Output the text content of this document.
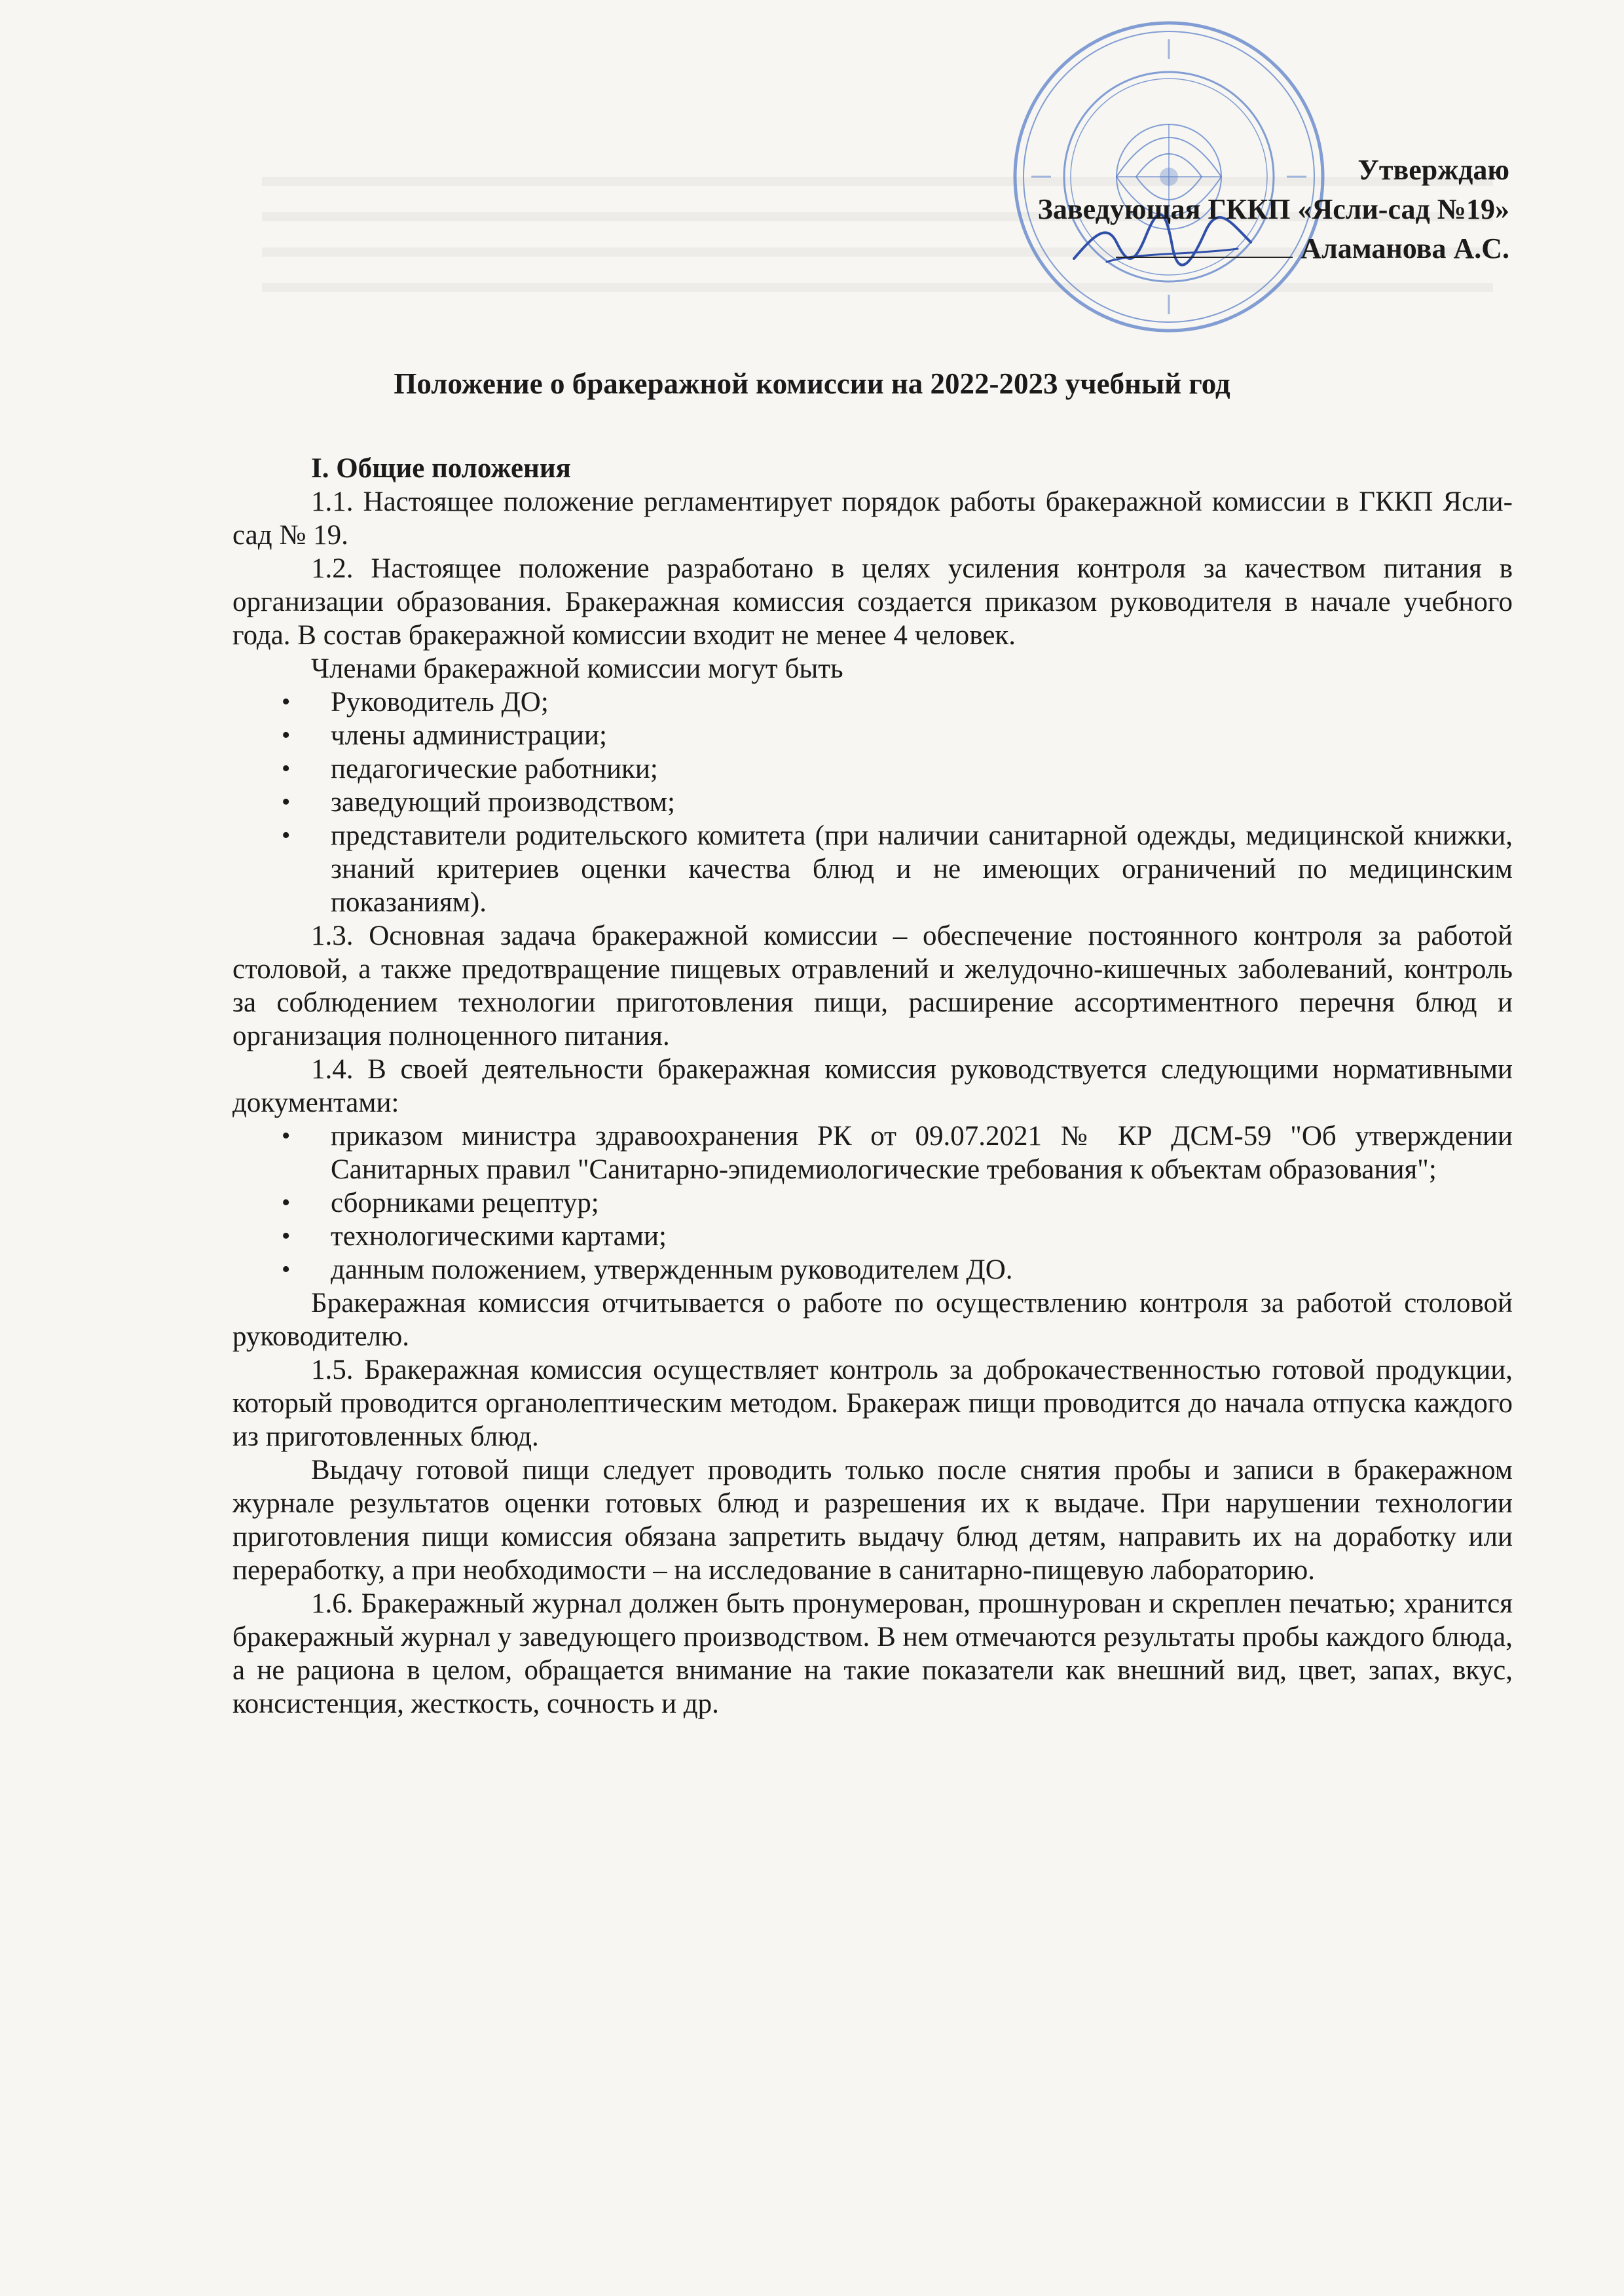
Утверждаю
Заведующая ГККП «Ясли-сад №19»
Аламанова А.С.
Положение о бракеражной комиссии на 2022-2023 учебный год

I. Общие положения

1.1. Настоящее положение регламентирует порядок работы бракеражной комиссии в ГККП Ясли-сад № 19.

1.2. Настоящее положение разработано в целях усиления контроля за качеством питания в организации образования. Бракеражная комиссия создается приказом руководителя в начале учебного года. В состав бракеражной комиссии входит не менее 4 человек.

Членами бракеражной комиссии могут быть

• Руководитель ДО;
• члены администрации;
• педагогические работники;
• заведующий производством;
• представители родительского комитета (при наличии санитарной одежды, медицинской книжки, знаний критериев оценки качества блюд и не имеющих ограничений по медицинским показаниям).

1.3. Основная задача бракеражной комиссии – обеспечение постоянного контроля за работой столовой, а также предотвращение пищевых отравлений и желудочно-кишечных заболеваний, контроль за соблюдением технологии приготовления пищи, расширение ассортиментного перечня блюд и организация полноценного питания.

1.4. В своей деятельности бракеражная комиссия руководствуется следующими нормативными документами:

• приказом министра здравоохранения РК от 09.07.2021 № КР ДСМ-59 "Об утверждении Санитарных правил "Санитарно-эпидемиологические требования к объектам образования";
• сборниками рецептур;
• технологическими картами;
• данным положением, утвержденным руководителем ДО.

Бракеражная комиссия отчитывается о работе по осуществлению контроля за работой столовой руководителю.

1.5. Бракеражная комиссия осуществляет контроль за доброкачественностью готовой продукции, который проводится органолептическим методом. Бракераж пищи проводится до начала отпуска каждого из приготовленных блюд.

Выдачу готовой пищи следует проводить только после снятия пробы и записи в бракеражном журнале результатов оценки готовых блюд и разрешения их к выдаче. При нарушении технологии приготовления пищи комиссия обязана запретить выдачу блюд детям, направить их на доработку или переработку, а при необходимости – на исследование в санитарно-пищевую лабораторию.

1.6. Бракеражный журнал должен быть пронумерован, прошнурован и скреплен печатью; хранится бракеражный журнал у заведующего производством. В нем отмечаются результаты пробы каждого блюда, а не рациона в целом, обращается внимание на такие показатели как внешний вид, цвет, запах, вкус, консистенция, жесткость, сочность и др.
